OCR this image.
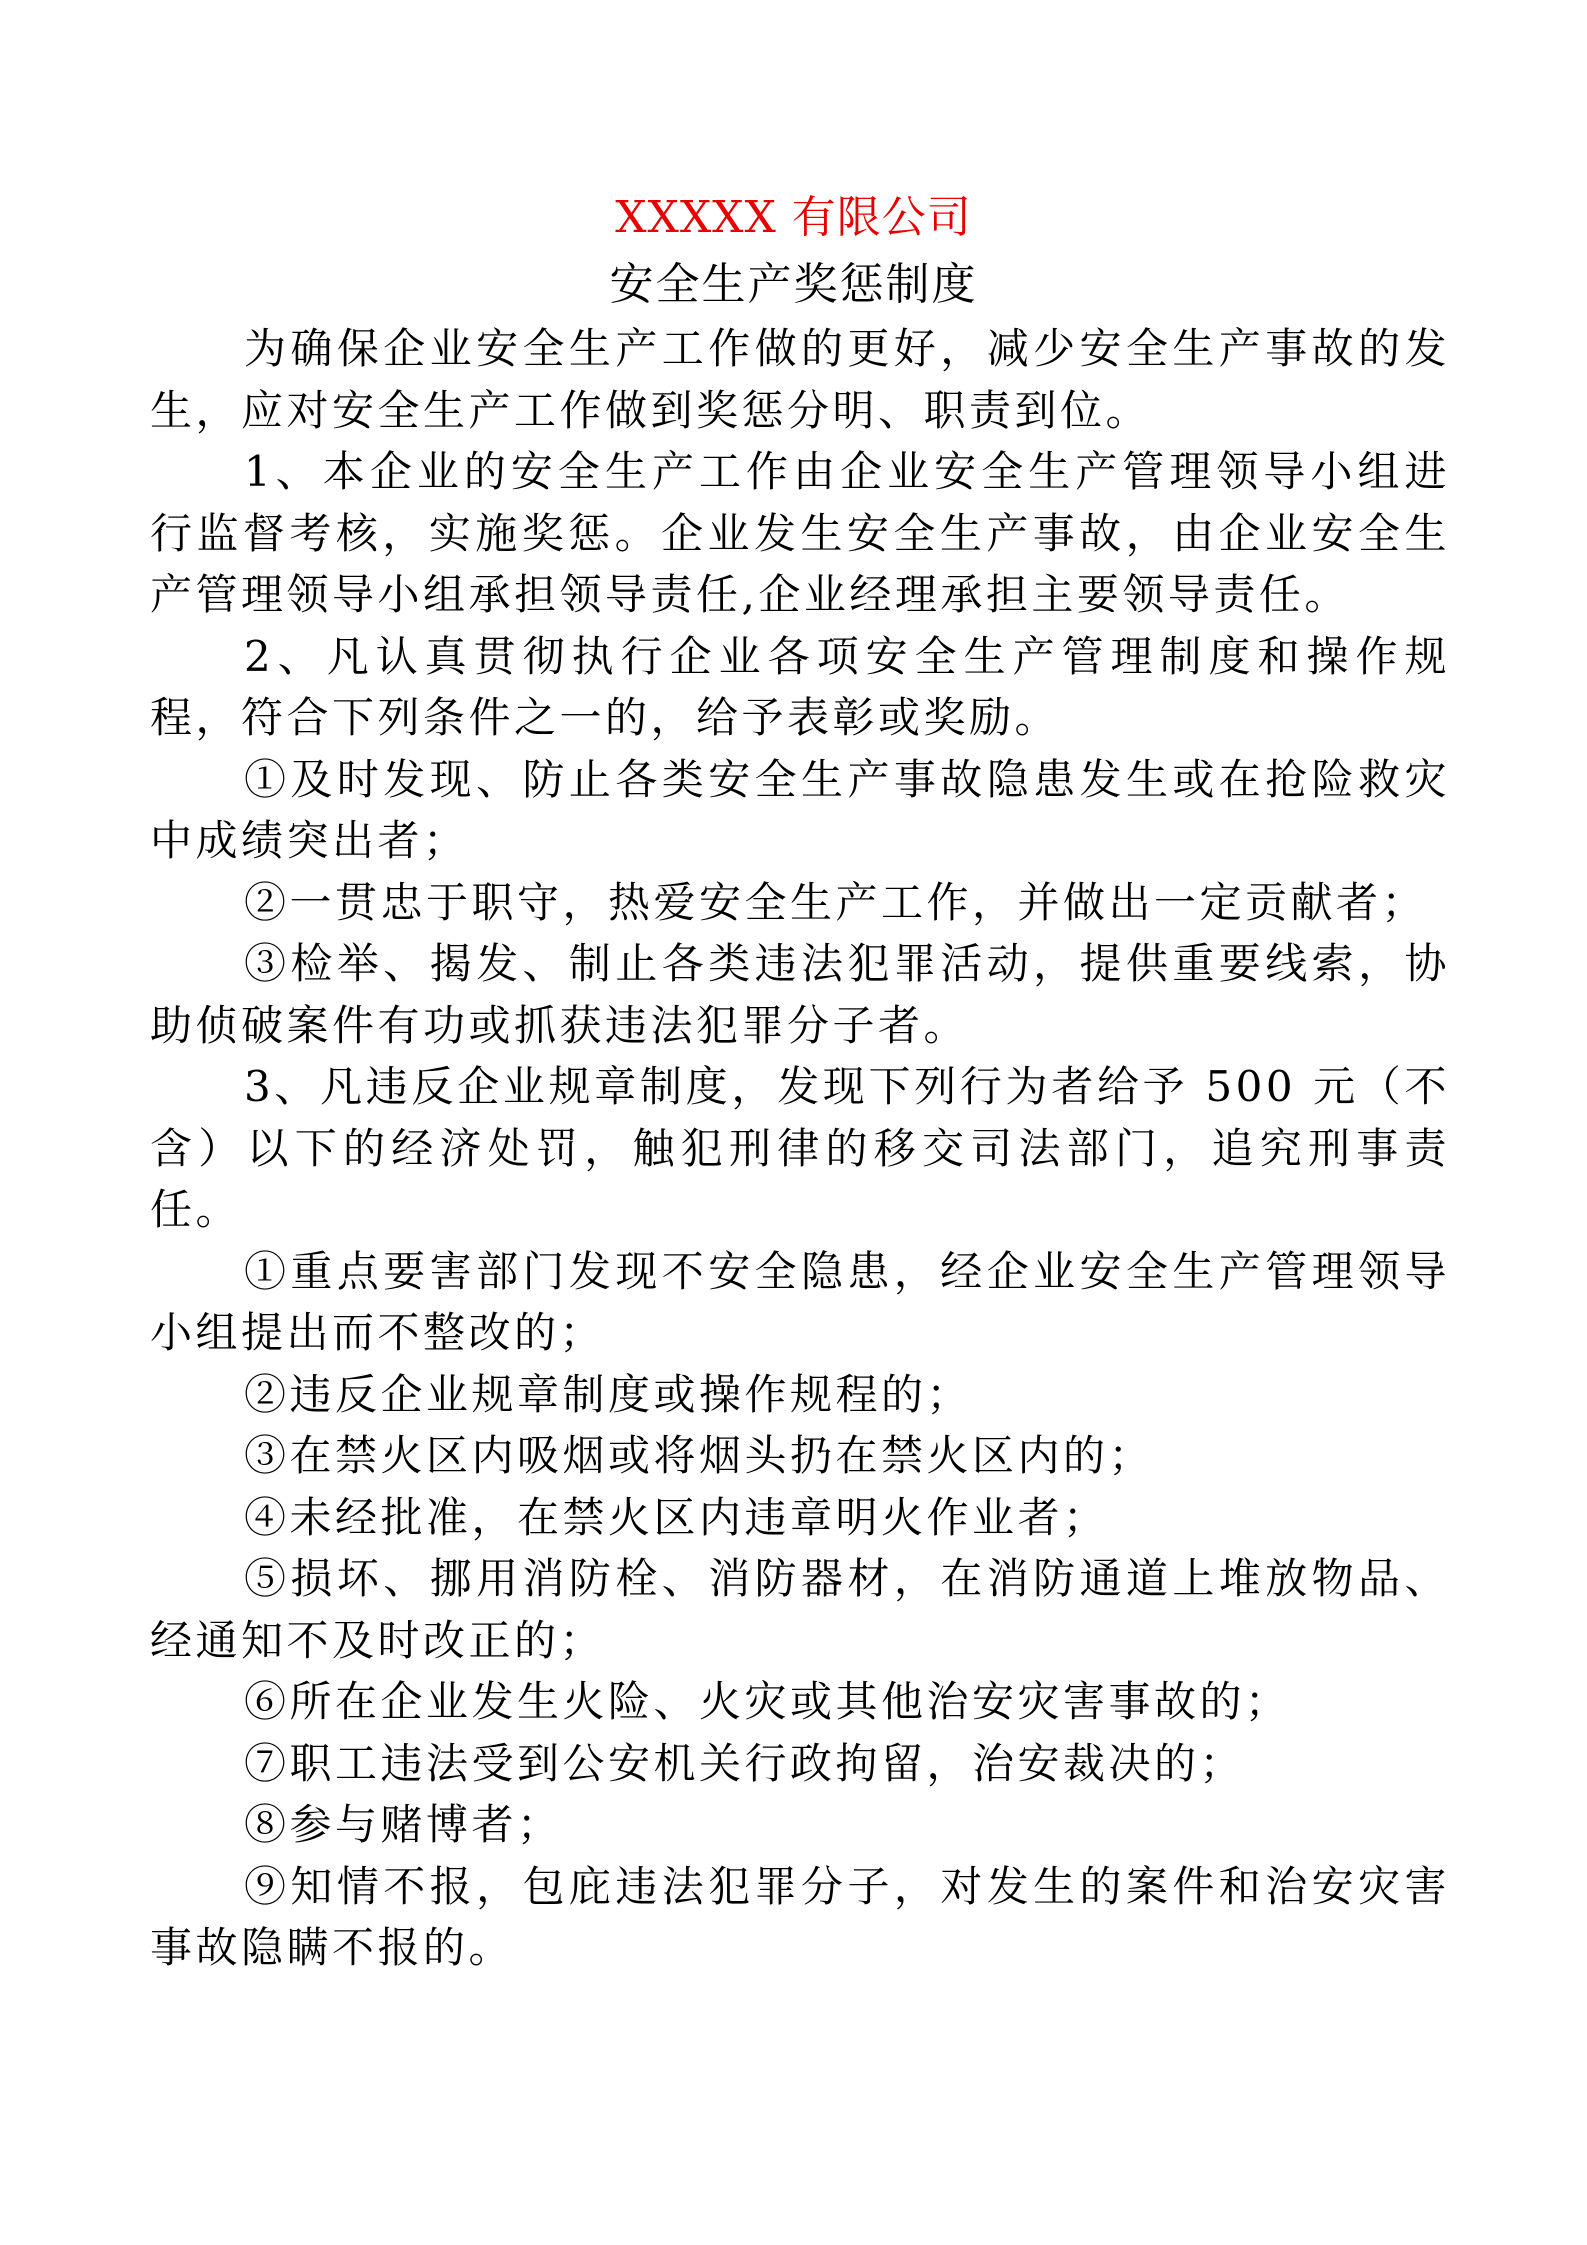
XXXXX 有限公司
安全生产奖惩制度

为确保企业安全生产工作做的更好，减少安全生产事故的发生，应对安全生产工作做到奖惩分明、职责到位。

1、本企业的安全生产工作由企业安全生产管理领导小组进行监督考核，实施奖惩。企业发生安全生产事故，由企业安全生产管理领导小组承担领导责任,企业经理承担主要领导责任。

2、凡认真贯彻执行企业各项安全生产管理制度和操作规程，符合下列条件之一的，给予表彰或奖励。

①及时发现、防止各类安全生产事故隐患发生或在抢险救灾中成绩突出者；

②一贯忠于职守，热爱安全生产工作，并做出一定贡献者；

③检举、揭发、制止各类违法犯罪活动，提供重要线索，协助侦破案件有功或抓获违法犯罪分子者。

3、凡违反企业规章制度，发现下列行为者给予 500 元（不含）以下的经济处罚，触犯刑律的移交司法部门，追究刑事责任。

①重点要害部门发现不安全隐患，经企业安全生产管理领导小组提出而不整改的；

②违反企业规章制度或操作规程的；

③在禁火区内吸烟或将烟头扔在禁火区内的；

④未经批准，在禁火区内违章明火作业者；

⑤损坏、挪用消防栓、消防器材，在消防通道上堆放物品、经通知不及时改正的；

⑥所在企业发生火险、火灾或其他治安灾害事故的；

⑦职工违法受到公安机关行政拘留，治安裁决的；

⑧参与赌博者；

⑨知情不报，包庇违法犯罪分子，对发生的案件和治安灾害事故隐瞒不报的。
